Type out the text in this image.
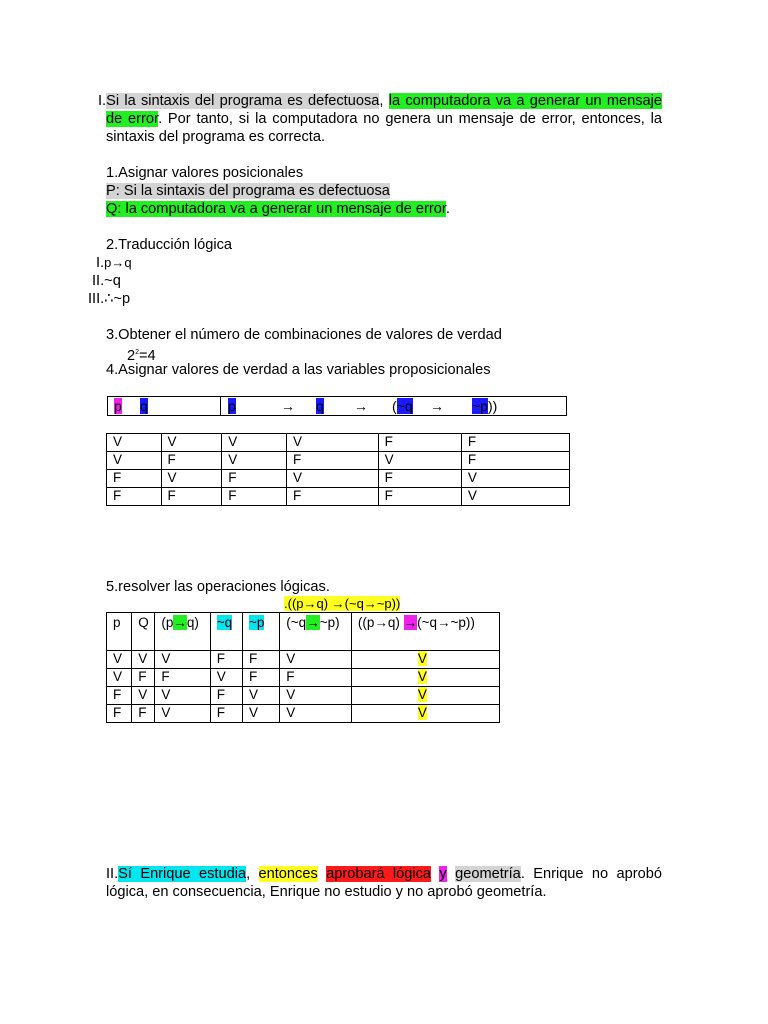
I.Si la sintaxis del programa es defectuosa, la computadora va a generar un mensaje
de error. Por tanto, si la computadora no genera un mensaje de error, entonces, la
sintaxis del programa es correcta.
1.Asignar valores posicionales
P: Si la sintaxis del programa es defectuosa
Q: la computadora va a generar un mensaje de error.
2.Traducción lógica
I.p→q
II.~q
III.∴~p
3.Obtener el número de combinaciones de valores de verdad
$2^2=4$
4.Asignar valores de verdad a las variables proposicionales
p q	p	→ q → (~q → ~p))
V	V	V	V	F	F
V	F	V	F	V	F
F	V	F	V	F	V
F	F	F	F	F	V
5.resolver las operaciones lógicas.
.((p→q) →(~q→~p))
p	Q	(p→q)	~q	~p	(~q→~p)	((p→q) →(~q→~p))
V	V	V	F	F	V	V
V	F	F	V	F	F	V
F	V	V	F	V	V	V
F	F	V	F	V	V	V
II.Sí Enrique estudia, entonces aprobará lógica y geometría. Enrique no aprobó
lógica, en consecuencia, Enrique no estudio y no aprobó geometría.
